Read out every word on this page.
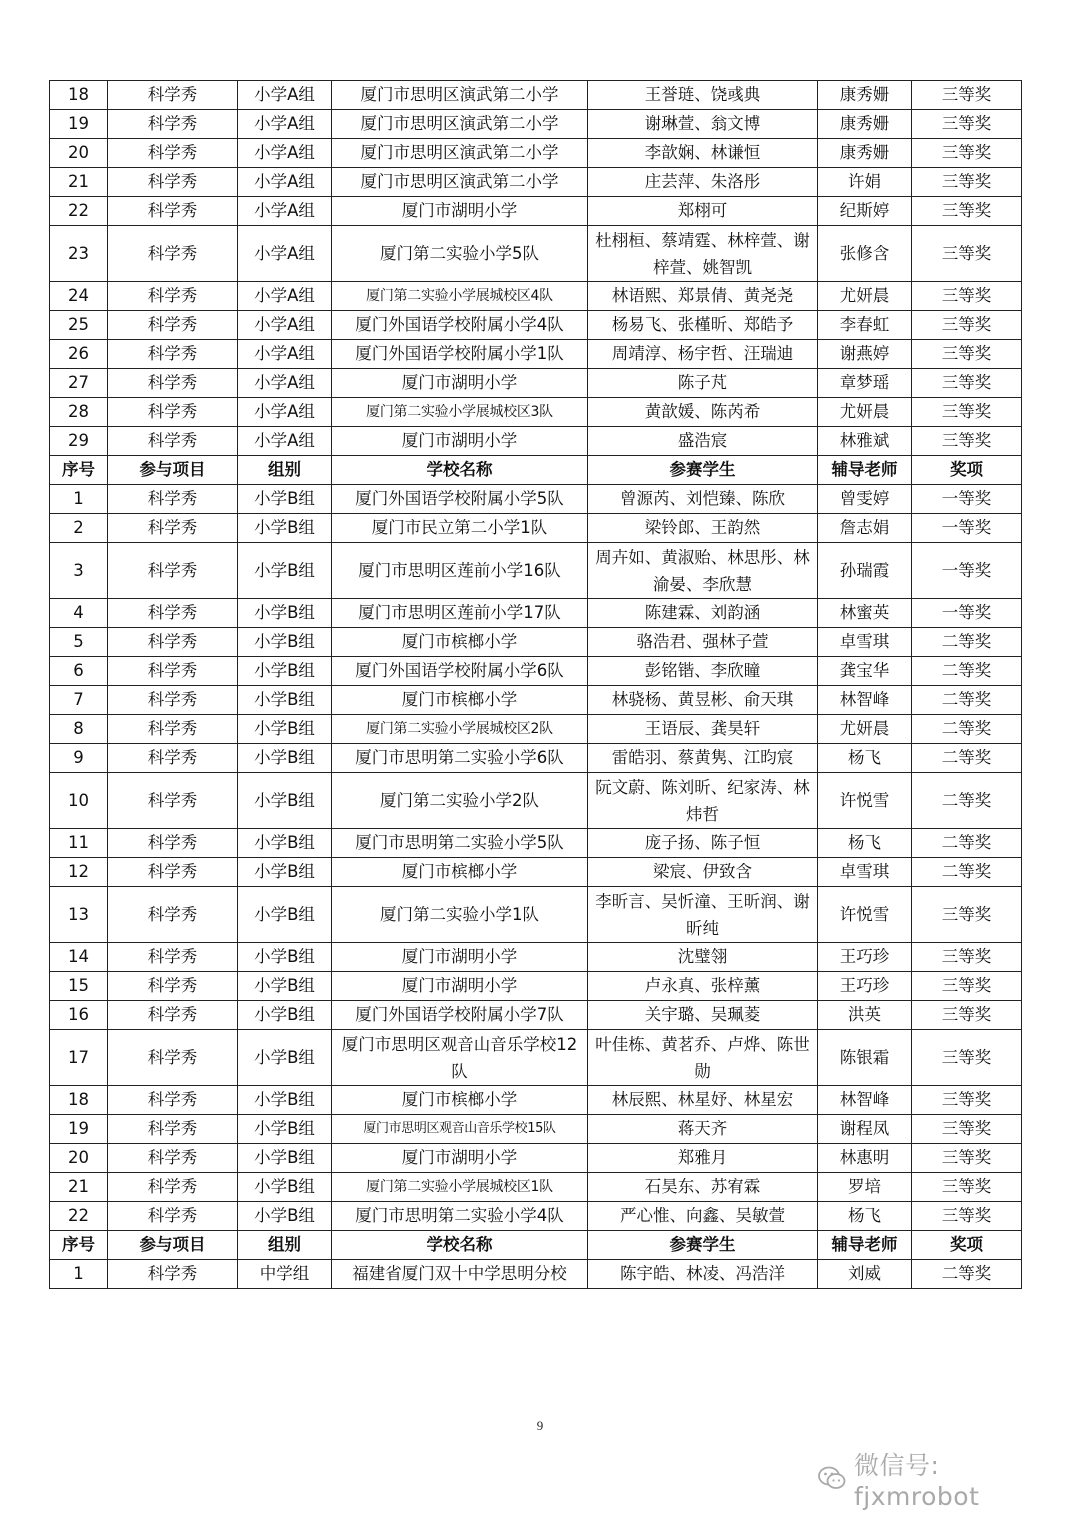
18	科学秀	小学A组	厦门市思明区演武第二小学	王誉琏、饶彧典	康秀姗	三等奖
19	科学秀	小学A组	厦门市思明区演武第二小学	谢琳萱、翁文博	康秀姗	三等奖
20	科学秀	小学A组	厦门市思明区演武第二小学	李歆娴、林谦恒	康秀姗	三等奖
21	科学秀	小学A组	厦门市思明区演武第二小学	庄芸萍、朱洛彤	许娟	三等奖
22	科学秀	小学A组	厦门市湖明小学	郑栩可	纪斯婷	三等奖
23	科学秀	小学A组	厦门第二实验小学5队	杜栩桓、蔡靖霆、林梓萱、谢梓萱、姚智凯	张修含	三等奖
24	科学秀	小学A组	厦门第二实验小学展城校区4队	林语熙、郑景倩、黄尧尧	尤妍晨	三等奖
25	科学秀	小学A组	厦门外国语学校附属小学4队	杨易飞、张槿昕、郑皓予	李春虹	三等奖
26	科学秀	小学A组	厦门外国语学校附属小学1队	周靖淳、杨宇哲、汪瑞迪	谢燕婷	三等奖
27	科学秀	小学A组	厦门市湖明小学	陈子芃	章梦瑶	三等奖
28	科学秀	小学A组	厦门第二实验小学展城校区3队	黄歆媛、陈芮希	尤妍晨	三等奖
29	科学秀	小学A组	厦门市湖明小学	盛浩宸	林雅斌	三等奖
序号	参与项目	组别	学校名称	参赛学生	辅导老师	奖项
1	科学秀	小学B组	厦门外国语学校附属小学5队	曾源芮、刘恺臻、陈欣	曾雯婷	一等奖
2	科学秀	小学B组	厦门市民立第二小学1队	梁铃郎、王韵然	詹志娟	一等奖
3	科学秀	小学B组	厦门市思明区莲前小学16队	周卉如、黄淑贻、林思彤、林渝晏、李欣慧	孙瑞霞	一等奖
4	科学秀	小学B组	厦门市思明区莲前小学17队	陈建霖、刘韵涵	林蜜英	一等奖
5	科学秀	小学B组	厦门市槟榔小学	骆浩君、强林子萱	卓雪琪	二等奖
6	科学秀	小学B组	厦门外国语学校附属小学6队	彭铭锴、李欣瞳	龚宝华	二等奖
7	科学秀	小学B组	厦门市槟榔小学	林骁杨、黄昱彬、俞天琪	林智峰	二等奖
8	科学秀	小学B组	厦门第二实验小学展城校区2队	王语辰、龚昊轩	尤妍晨	二等奖
9	科学秀	小学B组	厦门市思明第二实验小学6队	雷皓羽、蔡黄隽、江昀宸	杨飞	二等奖
10	科学秀	小学B组	厦门第二实验小学2队	阮文蔚、陈刘昕、纪家涛、林炜哲	许悦雪	二等奖
11	科学秀	小学B组	厦门市思明第二实验小学5队	庞子扬、陈子恒	杨飞	二等奖
12	科学秀	小学B组	厦门市槟榔小学	梁宸、伊致含	卓雪琪	二等奖
13	科学秀	小学B组	厦门第二实验小学1队	李昕言、吴忻潼、王昕润、谢昕纯	许悦雪	三等奖
14	科学秀	小学B组	厦门市湖明小学	沈璧翎	王巧珍	三等奖
15	科学秀	小学B组	厦门市湖明小学	卢永真、张梓薰	王巧珍	三等奖
16	科学秀	小学B组	厦门外国语学校附属小学7队	关宇璐、吴珮菱	洪英	三等奖
17	科学秀	小学B组	厦门市思明区观音山音乐学校12队	叶佳栋、黄茗乔、卢烨、陈世勋	陈银霜	三等奖
18	科学秀	小学B组	厦门市槟榔小学	林辰熙、林星妤、林星宏	林智峰	三等奖
19	科学秀	小学B组	厦门市思明区观音山音乐学校15队	蒋天齐	谢程凤	三等奖
20	科学秀	小学B组	厦门市湖明小学	郑雅月	林惠明	三等奖
21	科学秀	小学B组	厦门第二实验小学展城校区1队	石昊东、苏宥霖	罗培	三等奖
22	科学秀	小学B组	厦门市思明第二实验小学4队	严心惟、向鑫、吴敏萱	杨飞	三等奖
序号	参与项目	组别	学校名称	参赛学生	辅导老师	奖项
1	科学秀	中学组	福建省厦门双十中学思明分校	陈宇皓、林凌、冯浩洋	刘威	二等奖
9
微信号: fjxmrobot
